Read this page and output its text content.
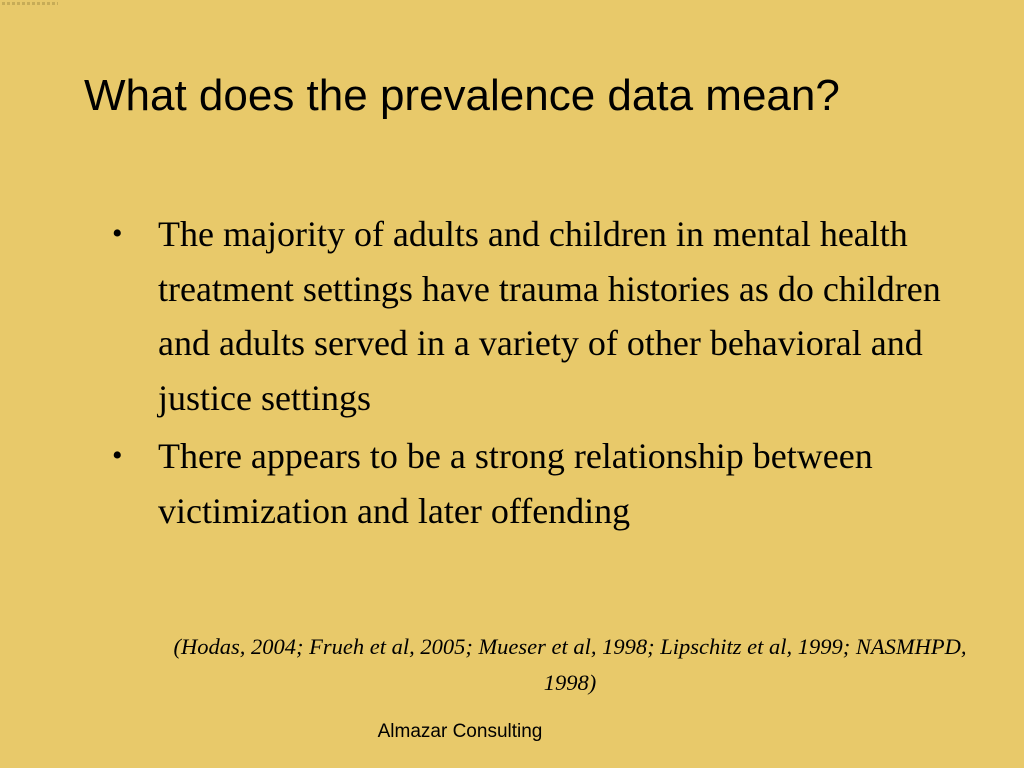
What does the prevalence data mean?
• The majority of adults and children in mental health treatment settings have trauma histories as do children and adults served in a variety of other behavioral and justice settings
• There appears to be a strong relationship between victimization and later offending

(Hodas, 2004; Frueh et al, 2005; Mueser et al, 1998; Lipschitz et al, 1999; NASMHPD, 1998)

Almazar Consulting
